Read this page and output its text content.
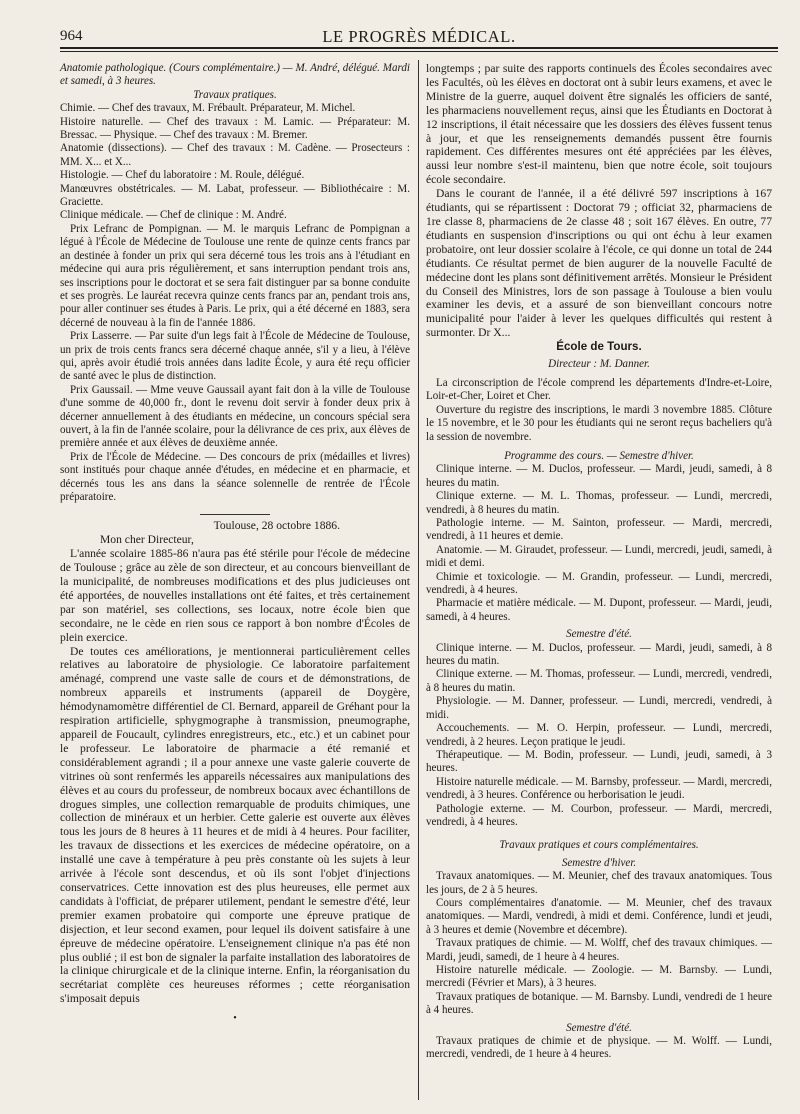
964	LE PROGRÈS MÉDICAL.

Anatomie pathologique. (Cours complémentaire.) — M. André, délégué. Mardi et samedi, à 3 heures.

Travaux pratiques.

Chimie. — Chef des travaux, M. Frébault. Préparateur, M. Michel.

Histoire naturelle. — Chef des travaux : M. Lamic. — Préparateur: M. Bressac. — Physique. — Chef des travaux : M. Bremer.

Anatomie (dissections). — Chef des travaux : M. Cadène. — Prosecteurs : MM. X... et X...

Histologie. — Chef du laboratoire : M. Roule, délégué.

Manœuvres obstétricales. — M. Labat, professeur. — Bibliothécaire : M. Graciette.

Clinique médicale. — Chef de clinique : M. André.

Prix Lefranc de Pompignan. — M. le marquis Lefranc de Pompignan a légué à l'École de Médecine de Toulouse une rente de quinze cents francs par an destinée à fonder un prix qui sera décerné tous les trois ans à l'étudiant en médecine qui aura pris régulièrement, et sans interruption pendant trois ans, ses inscriptions pour le doctorat et se sera fait distinguer par sa bonne conduite et ses progrès. Le lauréat recevra quinze cents francs par an, pendant trois ans, pour aller continuer ses études à Paris. Le prix, qui a été décerné en 1883, sera décerné de nouveau à la fin de l'année 1886.

Prix Lasserre. — Par suite d'un legs fait à l'École de Médecine de Toulouse, un prix de trois cents francs sera décerné chaque année, s'il y a lieu, à l'élève qui, après avoir étudié trois années dans ladite École, y aura été reçu officier de santé avec le plus de distinction.

Prix Gaussail. — Mme veuve Gaussail ayant fait don à la ville de Toulouse d'une somme de 40,000 fr., dont le revenu doit servir à fonder deux prix à décerner annuellement à des étudiants en médecine, un concours spécial sera ouvert, à la fin de l'année scolaire, pour la délivrance de ces prix, aux élèves de première année et aux élèves de deuxième année.

Prix de l'École de Médecine. — Des concours de prix (médailles et livres) sont institués pour chaque année d'études, en médecine et en pharmacie, et décernés tous les ans dans la séance solennelle de rentrée de l'École préparatoire.

Toulouse, 28 octobre 1886.

Mon cher Directeur,

L'année scolaire 1885-86 n'aura pas été stérile pour l'école de médecine de Toulouse ; grâce au zèle de son directeur, et au concours bienveillant de la municipalité, de nombreuses modifications et des plus judicieuses ont été apportées, de nouvelles installations ont été faites, et très certainement par son matériel, ses collections, ses locaux, notre école bien que secondaire, ne le cède en rien sous ce rapport à bon nombre d'Écoles de plein exercice.

De toutes ces améliorations, je mentionnerai particulièrement celles relatives au laboratoire de physiologie. Ce laboratoire parfaitement aménagé, comprend une vaste salle de cours et de démonstrations, de nombreux appareils et instruments (appareil de Doygère, hémodynamomètre différentiel de Cl. Bernard, appareil de Gréhant pour la respiration artificielle, sphygmographe à transmission, pneumographe, appareil de Foucault, cylindres enregistreurs, etc., etc.) et un cabinet pour le professeur. Le laboratoire de pharmacie a été remanié et considérablement agrandi ; il a pour annexe une vaste galerie couverte de vitrines où sont renfermés les appareils nécessaires aux manipulations des élèves et au cours du professeur, de nombreux bocaux avec échantillons de drogues simples, une collection remarquable de produits chimiques, une collection de minéraux et un herbier. Cette galerie est ouverte aux élèves tous les jours de 8 heures à 11 heures et de midi à 4 heures. Pour faciliter, les travaux de dissections et les exercices de médecine opératoire, on a installé une cave à température à peu près constante où les sujets à leur arrivée à l'école sont descendus, et où ils sont l'objet d'injections conservatrices. Cette innovation est des plus heureuses, elle permet aux candidats à l'officiat, de préparer utilement, pendant le semestre d'été, leur premier examen probatoire qui comporte une épreuve pratique de disjection, et leur second examen, pour lequel ils doivent satisfaire à une épreuve de médecine opératoire. L'enseignement clinique n'a pas été non plus oublié ; il est bon de signaler la parfaite installation des laboratoires de la clinique chirurgicale et de la clinique interne. Enfin, la réorganisation du secrétariat complète ces heureuses réformes ; cette réorganisation s'imposait depuis

•

longtemps ; par suite des rapports continuels des Écoles secondaires avec les Facultés, où les élèves en doctorat ont à subir leurs examens, et avec le Ministre de la guerre, auquel doivent être signalés les officiers de santé, les pharmaciens nouvellement reçus, ainsi que les Étudiants en Doctorat à 12 inscriptions, il était nécessaire que les dossiers des élèves fussent tenus à jour, et que les renseignements demandés pussent être fournis rapidement. Ces différentes mesures ont été appréciées par les élèves, aussi leur nombre s'est-il maintenu, bien que notre école, soit toujours école secondaire.

Dans le courant de l'année, il a été délivré 597 inscriptions à 167 étudiants, qui se répartissent : Doctorat 79 ; officiat 32, pharmaciens de 1re classe 8, pharmaciens de 2e classe 48 ; soit 167 élèves. En outre, 77 étudiants en suspension d'inscriptions ou qui ont échu à leur examen probatoire, ont leur dossier scolaire à l'école, ce qui donne un total de 244 étudiants. Ce résultat permet de bien augurer de la nouvelle Faculté de médecine dont les plans sont définitivement arrêtés. Monsieur le Président du Conseil des Ministres, lors de son passage à Toulouse a bien voulu examiner les devis, et a assuré de son bienveillant concours notre municipalité pour l'aider à lever les quelques difficultés qui restent à surmonter. Dr X...

École de Tours.

Directeur : M. Danner.

La circonscription de l'école comprend les départements d'Indre-et-Loire, Loir-et-Cher, Loiret et Cher.

Ouverture du registre des inscriptions, le mardi 3 novembre 1885. Clôture le 15 novembre, et le 30 pour les étudiants qui ne seront reçus bacheliers qu'à la session de novembre.

Programme des cours. — Semestre d'hiver.

Clinique interne. — M. Duclos, professeur. — Mardi, jeudi, samedi, à 8 heures du matin.

Clinique externe. — M. L. Thomas, professeur. — Lundi, mercredi, vendredi, à 8 heures du matin.

Pathologie interne. — M. Sainton, professeur. — Mardi, mercredi, vendredi, à 11 heures et demie.

Anatomie. — M. Giraudet, professeur. — Lundi, mercredi, jeudi, samedi, à midi et demi.

Chimie et toxicologie. — M. Grandin, professeur. — Lundi, mercredi, vendredi, à 4 heures.

Pharmacie et matière médicale. — M. Dupont, professeur. — Mardi, jeudi, samedi, à 4 heures.

Semestre d'été.

Clinique interne. — M. Duclos, professeur. — Mardi, jeudi, samedi, à 8 heures du matin.

Clinique externe. — M. Thomas, professeur. — Lundi, mercredi, vendredi, à 8 heures du matin.

Physiologie. — M. Danner, professeur. — Lundi, mercredi, vendredi, à midi.

Accouchements. — M. O. Herpin, professeur. — Lundi, mercredi, vendredi, à 2 heures. Leçon pratique le jeudi.

Thérapeutique. — M. Bodin, professeur. — Lundi, jeudi, samedi, à 3 heures.

Histoire naturelle médicale. — M. Barnsby, professeur. — Mardi, mercredi, vendredi, à 3 heures. Conférence ou herborisation le jeudi.

Pathologie externe. — M. Courbon, professeur. — Mardi, mercredi, vendredi, à 4 heures.

Travaux pratiques et cours complémentaires.

Semestre d'hiver.

Travaux anatomiques. — M. Meunier, chef des travaux anatomiques. Tous les jours, de 2 à 5 heures.

Cours complémentaires d'anatomie. — M. Meunier, chef des travaux anatomiques. — Mardi, vendredi, à midi et demi. Conférence, lundi et jeudi, à 3 heures et demie (Novembre et décembre).

Travaux pratiques de chimie. — M. Wolff, chef des travaux chimiques. — Mardi, jeudi, samedi, de 1 heure à 4 heures.

Histoire naturelle médicale. — Zoologie. — M. Barnsby. — Lundi, mercredi (Février et Mars), à 3 heures.

Travaux pratiques de botanique. — M. Barnsby. Lundi, vendredi de 1 heure à 4 heures.

Semestre d'été.

Travaux pratiques de chimie et de physique. — M. Wolff. — Lundi, mercredi, vendredi, de 1 heure à 4 heures.
